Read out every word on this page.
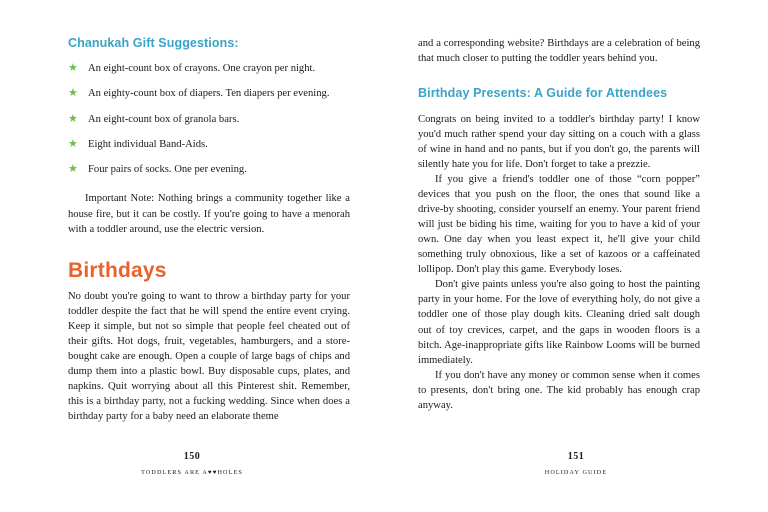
Chanukah Gift Suggestions:
★ An eight-count box of crayons. One crayon per night.
★ An eighty-count box of diapers. Ten diapers per evening.
★ An eight-count box of granola bars.
★ Eight individual Band-Aids.
★ Four pairs of socks. One per evening.

Important Note: Nothing brings a community together like a house fire, but it can be costly. If you're going to have a menorah with a toddler around, use the electric version.

Birthdays

No doubt you're going to want to throw a birthday party for your toddler despite the fact that he will spend the entire event crying. Keep it simple, but not so simple that people feel cheated out of their gifts. Hot dogs, fruit, vegetables, hamburgers, and a store-bought cake are enough. Open a couple of large bags of chips and dump them into a plastic bowl. Buy disposable cups, plates, and napkins. Quit worrying about all this Pinterest shit. Remember, this is a birthday party, not a fucking wedding. Since when does a birthday party for a baby need an elaborate theme

150
TODDLERS ARE A♥♥HOLES

and a corresponding website? Birthdays are a celebration of being that much closer to putting the toddler years behind you.

Birthday Presents: A Guide for Attendees

Congrats on being invited to a toddler's birthday party! I know you'd much rather spend your day sitting on a couch with a glass of wine in hand and no pants, but if you don't go, the parents will silently hate you for life. Don't forget to take a prezzie.

If you give a friend's toddler one of those “corn popper” devices that you push on the floor, the ones that sound like a drive-by shooting, consider yourself an enemy. Your parent friend will just be biding his time, waiting for you to have a kid of your own. One day when you least expect it, he'll give your child something truly obnoxious, like a set of kazoos or a caffeinated lollipop. Don't play this game. Everybody loses.

Don't give paints unless you're also going to host the painting party in your home. For the love of everything holy, do not give a toddler one of those play dough kits. Cleaning dried salt dough out of toy crevices, carpet, and the gaps in wooden floors is a bitch. Age-inappropriate gifts like Rainbow Looms will be burned immediately.

If you don't have any money or common sense when it comes to presents, don't bring one. The kid probably has enough crap anyway.

151
HOLIDAY GUIDE
